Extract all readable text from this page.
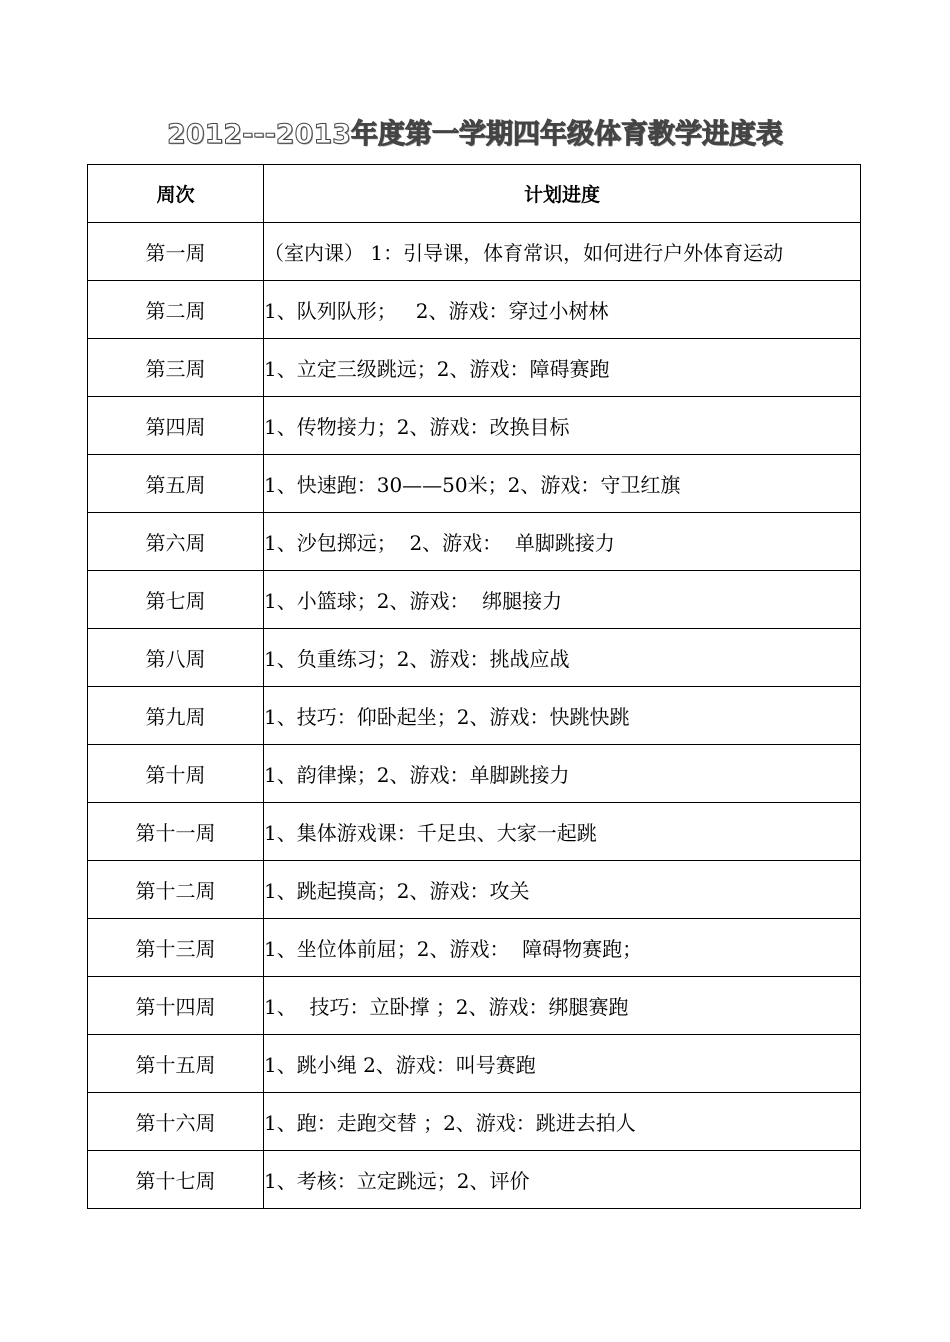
2012---2013年度第一学期四年级体育教学进度表
周次	计划进度
第一周	（室内课） 1：引导课，体育常识，如何进行户外体育运动
第二周	1、队列队形；   2、游戏：穿过小树林
第三周	1、立定三级跳远；2、游戏：障碍赛跑
第四周	1、传物接力；2、游戏：改换目标
第五周	1、快速跑：30——50米；2、游戏：守卫红旗
第六周	1、沙包掷远；  2、游戏：  单脚跳接力
第七周	1、小篮球；2、游戏：  绑腿接力
第八周	1、负重练习；2、游戏：挑战应战
第九周	1、技巧：仰卧起坐；2、游戏：快跳快跳
第十周	1、韵律操；2、游戏：单脚跳接力
第十一周	1、集体游戏课：千足虫、大家一起跳
第十二周	1、跳起摸高；2、游戏：攻关
第十三周	1、坐位体前屈；2、游戏：  障碍物赛跑；
第十四周	1、  技巧：立卧撑 ；2、游戏：绑腿赛跑
第十五周	1、跳小绳 2、游戏：叫号赛跑
第十六周	1、跑：走跑交替 ；2、游戏：跳进去拍人
第十七周	1、考核：立定跳远；2、评价
